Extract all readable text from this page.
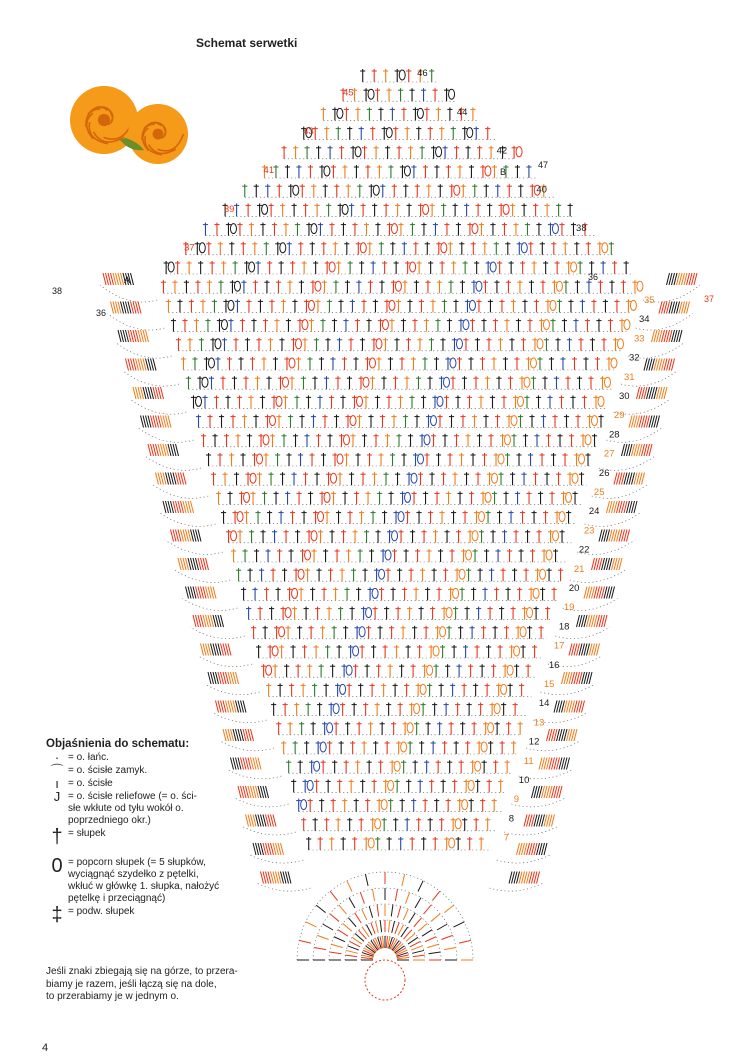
Schemat serwetki
46
45
44
43
42
41
40
39
38
37
35
34
33
32
31
30
29
28
27
26
25
24
23
22
21
20
19
18
17
16
15
14
13
12
11
10
9
8
7
38
36
A
B
47
36
37
Objaśnienia do schematu:
· = o. łańc.
⌒ = o. ścisłe zamyk.
ı = o. ścisłe
J = o. ścisłe reliefowe (= o. ści-
słe wkłute od tyłu wokół o.
poprzedniego okr.)
† = słupek
0 = popcorn słupek (= 5 słupków,
wyciągnąć szydełko z pętelki,
wkłuć w główkę 1. słupka, nałożyć
pętelkę i przeciągnąć)
‡ = podw. słupek
Jeśli znaki zbiegają się na górze, to przera-
biamy je razem, jeśli łączą się na dole,
to przerabiamy je w jednym o.
4
